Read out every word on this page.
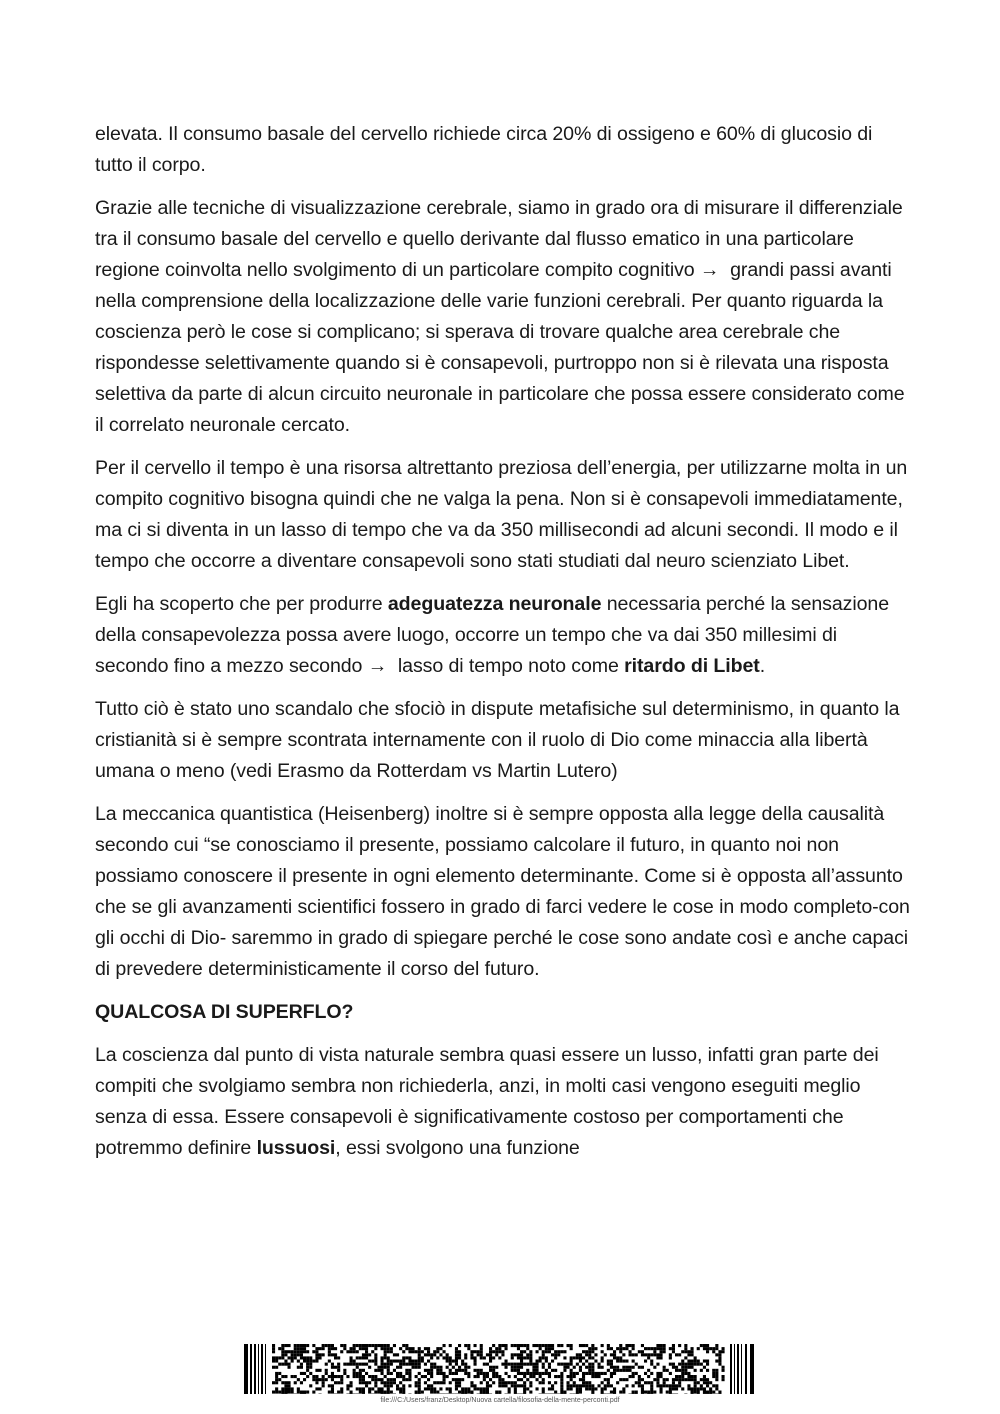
elevata. Il consumo basale del cervello richiede circa 20% di ossigeno e 60% di glucosio di tutto il corpo.

Grazie alle tecniche di visualizzazione cerebrale, siamo in grado ora di misurare il differenziale tra il consumo basale del cervello e quello derivante dal flusso ematico in una particolare regione coinvolta nello svolgimento di un particolare compito cognitivo → grandi passi avanti nella comprensione della localizzazione delle varie funzioni cerebrali. Per quanto riguarda la coscienza però le cose si complicano; si sperava di trovare qualche area cerebrale che rispondesse selettivamente quando si è consapevoli, purtroppo non si è rilevata una risposta selettiva da parte di alcun circuito neuronale in particolare che possa essere considerato come il correlato neuronale cercato.

Per il cervello il tempo è una risorsa altrettanto preziosa dell’energia, per utilizzarne molta in un compito cognitivo bisogna quindi che ne valga la pena. Non si è consapevoli immediatamente, ma ci si diventa in un lasso di tempo che va da 350 millisecondi ad alcuni secondi. Il modo e il tempo che occorre a diventare consapevoli sono stati studiati dal neuro scienziato Libet.

Egli ha scoperto che per produrre adeguatezza neuronale necessaria perché la sensazione della consapevolezza possa avere luogo, occorre un tempo che va dai 350 millesimi di secondo fino a mezzo secondo → lasso di tempo noto come ritardo di Libet.

Tutto ciò è stato uno scandalo che sfociò in dispute metafisiche sul determinismo, in quanto la cristianità si è sempre scontrata internamente con il ruolo di Dio come minaccia alla libertà umana o meno (vedi Erasmo da Rotterdam vs Martin Lutero)

La meccanica quantistica (Heisenberg) inoltre si è sempre opposta alla legge della causalità secondo cui “se conosciamo il presente, possiamo calcolare il futuro, in quanto noi non possiamo conoscere il presente in ogni elemento determinante. Come si è opposta all’assunto che se gli avanzamenti scientifici fossero in grado di farci vedere le cose in modo completo-con gli occhi di Dio- saremmo in grado di spiegare perché le cose sono andate così e anche capaci di prevedere deterministicamente il corso del futuro.

QUALCOSA DI SUPERFLO?

La coscienza dal punto di vista naturale sembra quasi essere un lusso, infatti gran parte dei compiti che svolgiamo sembra non richiederla, anzi, in molti casi vengono eseguiti meglio senza di essa. Essere consapevoli è significativamente costoso per comportamenti che potremmo definire lussuosi, essi svolgono una funzione

file:///C:/Users/franz/Desktop/Nuova cartella/filosofia-della-mente-perconti.pdf
